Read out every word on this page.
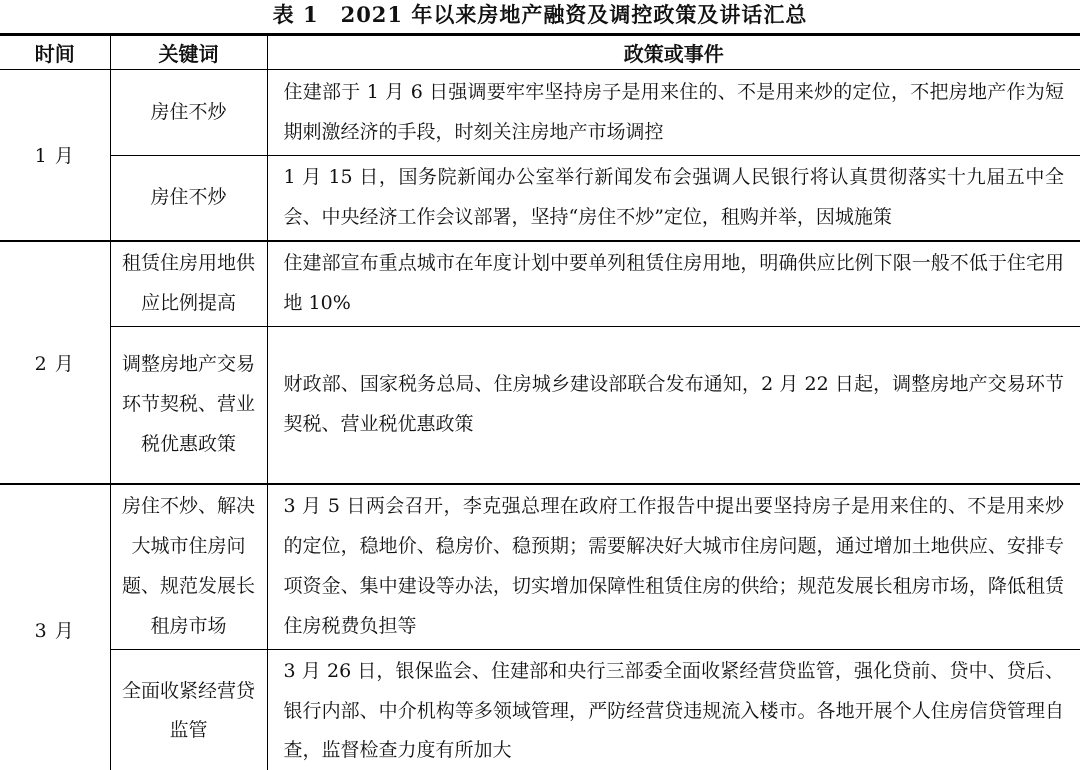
表 1　2021 年以来房地产融资及调控政策及讲话汇总
时间	关键词	政策或事件
1 月	房住不炒	住建部于 1 月 6 日强调要牢牢坚持房子是用来住的、不是用来炒的定位，不把房地产作为短期刺激经济的手段，时刻关注房地产市场调控
	房住不炒	1 月 15 日，国务院新闻办公室举行新闻发布会强调人民银行将认真贯彻落实十九届五中全会、中央经济工作会议部署，坚持“房住不炒”定位，租购并举，因城施策
2 月	租赁住房用地供应比例提高	住建部宣布重点城市在年度计划中要单列租赁住房用地，明确供应比例下限一般不低于住宅用地 10%
	调整房地产交易环节契税、营业税优惠政策	财政部、国家税务总局、住房城乡建设部联合发布通知，2 月 22 日起，调整房地产交易环节契税、营业税优惠政策
3 月	房住不炒、解决大城市住房问题、规范发展长租房市场	3 月 5 日两会召开，李克强总理在政府工作报告中提出要坚持房子是用来住的、不是用来炒的定位，稳地价、稳房价、稳预期；需要解决好大城市住房问题，通过增加土地供应、安排专项资金、集中建设等办法，切实增加保障性租赁住房的供给；规范发展长租房市场，降低租赁住房税费负担等
	全面收紧经营贷监管	3 月 26 日，银保监会、住建部和央行三部委全面收紧经营贷监管，强化贷前、贷中、贷后、银行内部、中介机构等多领域管理，严防经营贷违规流入楼市。各地开展个人住房信贷管理自查，监督检查力度有所加大
